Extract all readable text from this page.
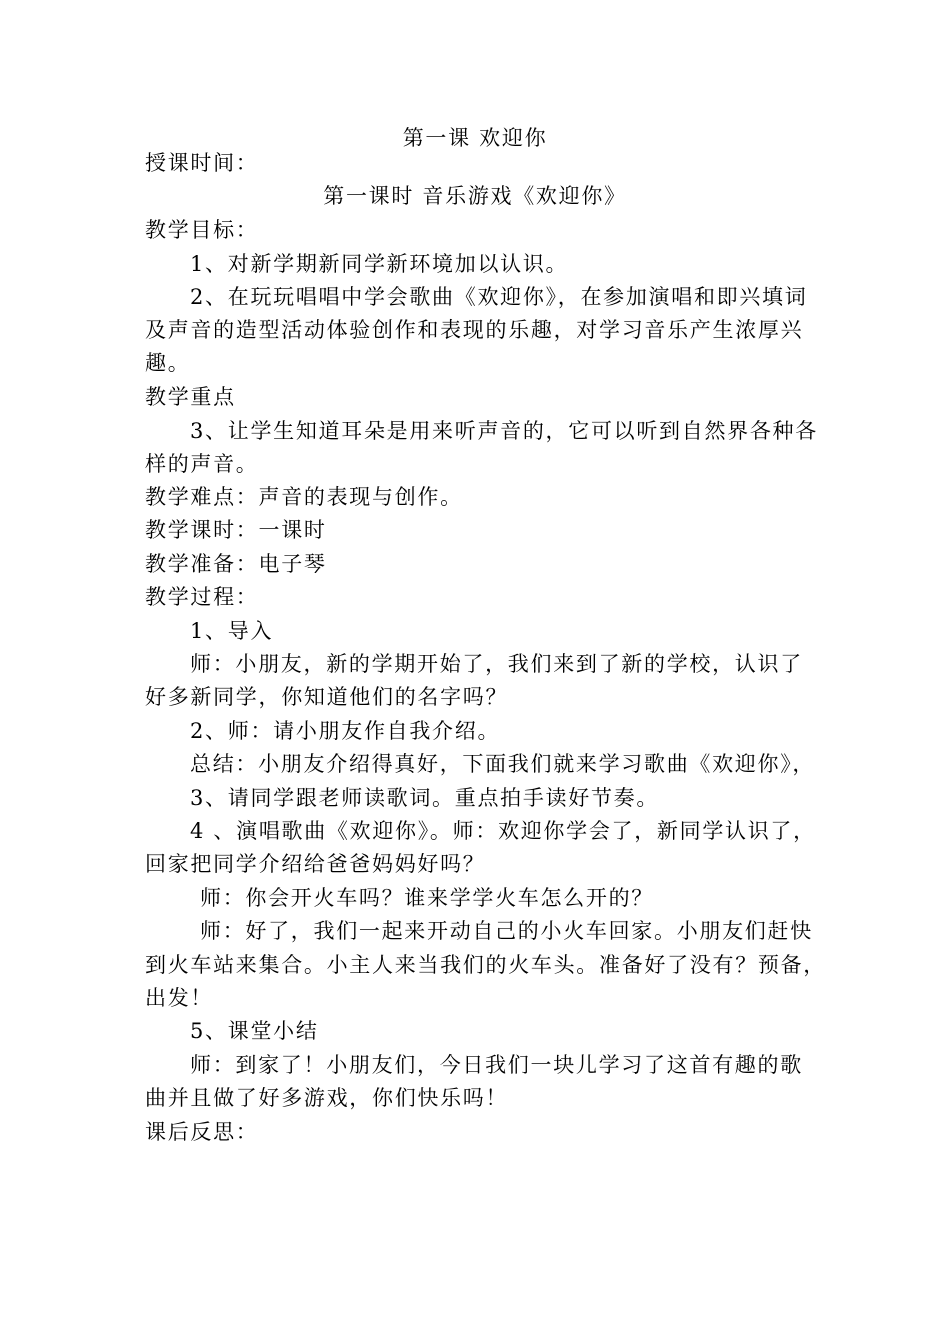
第一课 欢迎你
授课时间：
第一课时 音乐游戏《欢迎你》
教学目标：
1、对新学期新同学新环境加以认识。
2、在玩玩唱唱中学会歌曲《欢迎你》，在参加演唱和即兴填词
及声音的造型活动体验创作和表现的乐趣，对学习音乐产生浓厚兴
趣。
教学重点
3、让学生知道耳朵是用来听声音的，它可以听到自然界各种各
样的声音。
教学难点：声音的表现与创作。
教学课时：一课时
教学准备：电子琴
教学过程：
1、导入
师：小朋友，新的学期开始了，我们来到了新的学校，认识了
好多新同学，你知道他们的名字吗？
2、师：请小朋友作自我介绍。
总结：小朋友介绍得真好，下面我们就来学习歌曲《欢迎你》，
3、请同学跟老师读歌词。重点拍手读好节奏。
4 、演唱歌曲《欢迎你》。师：欢迎你学会了，新同学认识了，
回家把同学介绍给爸爸妈妈好吗？
师：你会开火车吗？谁来学学火车怎么开的？
师：好了，我们一起来开动自己的小火车回家。小朋友们赶快
到火车站来集合。小主人来当我们的火车头。准备好了没有？预备，
出发！
5、课堂小结
师：到家了！小朋友们，今日我们一块儿学习了这首有趣的歌
曲并且做了好多游戏，你们快乐吗！
课后反思：
